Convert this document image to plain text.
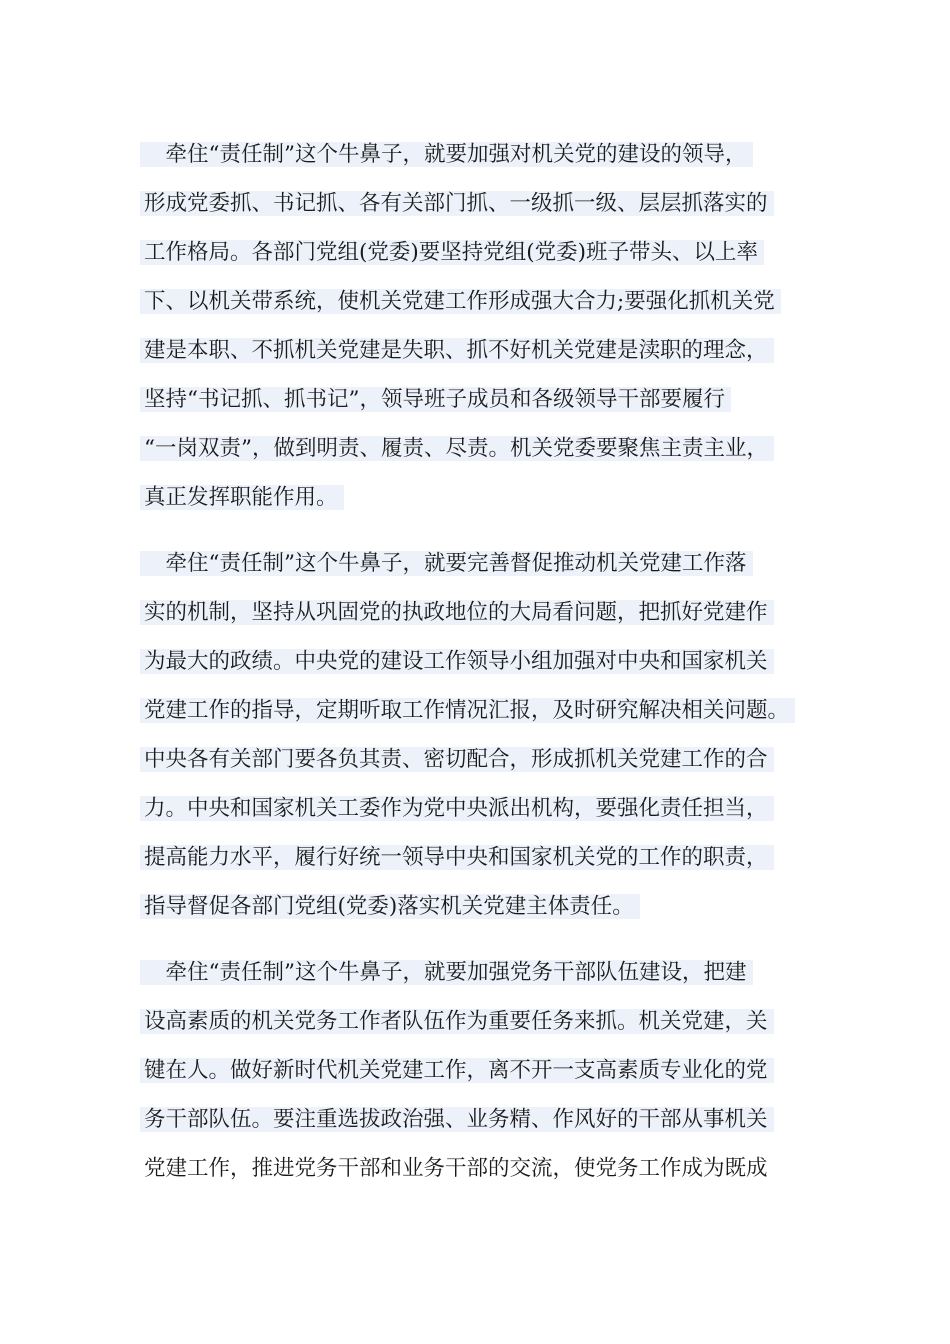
　牵住“责任制”这个牛鼻子，就要加强对机关党的建设的领导，
形成党委抓、书记抓、各有关部门抓、一级抓一级、层层抓落实的
工作格局。各部门党组(党委)要坚持党组(党委)班子带头、以上率
下、以机关带系统，使机关党建工作形成强大合力;要强化抓机关党
建是本职、不抓机关党建是失职、抓不好机关党建是渎职的理念，
坚持“书记抓、抓书记”，领导班子成员和各级领导干部要履行
“一岗双责”，做到明责、履责、尽责。机关党委要聚焦主责主业，
真正发挥职能作用。
　牵住“责任制”这个牛鼻子，就要完善督促推动机关党建工作落
实的机制，坚持从巩固党的执政地位的大局看问题，把抓好党建作
为最大的政绩。中央党的建设工作领导小组加强对中央和国家机关
党建工作的指导，定期听取工作情况汇报，及时研究解决相关问题。
中央各有关部门要各负其责、密切配合，形成抓机关党建工作的合
力。中央和国家机关工委作为党中央派出机构，要强化责任担当，
提高能力水平，履行好统一领导中央和国家机关党的工作的职责，
指导督促各部门党组(党委)落实机关党建主体责任。
　牵住“责任制”这个牛鼻子，就要加强党务干部队伍建设，把建
设高素质的机关党务工作者队伍作为重要任务来抓。机关党建，关
键在人。做好新时代机关党建工作，离不开一支高素质专业化的党
务干部队伍。要注重选拔政治强、业务精、作风好的干部从事机关
党建工作，推进党务干部和业务干部的交流，使党务工作成为既成
